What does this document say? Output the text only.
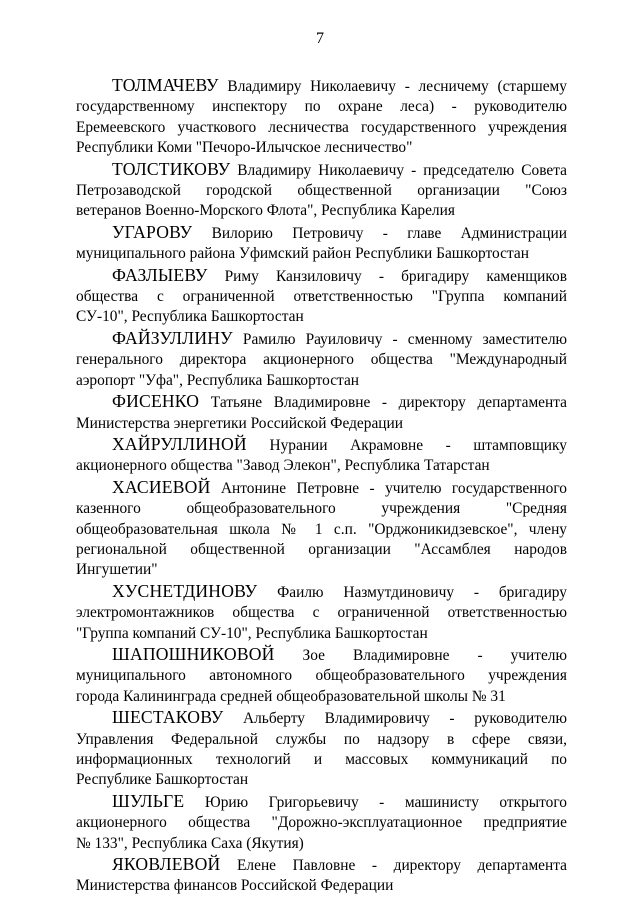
7
ТОЛМАЧЕВУ Владимиру Николаевичу - лесничему (старшему
государственному инспектору по охране леса) - руководителю
Еремеевского участкового лесничества государственного учреждения
Республики Коми "Печоро-Илычское лесничество"
ТОЛСТИКОВУ Владимиру Николаевичу - председателю Совета
Петрозаводской городской общественной организации "Союз
ветеранов Военно-Морского Флота", Республика Карелия
УГАРОВУ Вилорию Петровичу - главе Администрации
муниципального района Уфимский район Республики Башкортостан
ФАЗЛЫЕВУ Риму Канзиловичу - бригадиру каменщиков
общества с ограниченной ответственностью "Группа компаний
СУ-10", Республика Башкортостан
ФАЙЗУЛЛИНУ Рамилю Рауиловичу - сменному заместителю
генерального директора акционерного общества "Международный
аэропорт "Уфа", Республика Башкортостан
ФИСЕНКО Татьяне Владимировне - директору департамента
Министерства энергетики Российской Федерации
ХАЙРУЛЛИНОЙ Нурании Акрамовне - штамповщику
акционерного общества "Завод Элекон", Республика Татарстан
ХАСИЕВОЙ Антонине Петровне - учителю государственного
казенного общеобразовательного учреждения "Средняя
общеобразовательная школа № 1 с.п. "Орджоникидзевское", члену
региональной общественной организации "Ассамблея народов
Ингушетии"
ХУСНЕТДИНОВУ Фаилю Назмутдиновичу - бригадиру
электромонтажников общества с ограниченной ответственностью
"Группа компаний СУ-10", Республика Башкортостан
ШАПОШНИКОВОЙ Зое Владимировне - учителю
муниципального автономного общеобразовательного учреждения
города Калининграда средней общеобразовательной школы № 31
ШЕСТАКОВУ Альберту Владимировичу - руководителю
Управления Федеральной службы по надзору в сфере связи,
информационных технологий и массовых коммуникаций по
Республике Башкортостан
ШУЛЬГЕ Юрию Григорьевичу - машинисту открытого
акционерного общества "Дорожно-эксплуатационное предприятие
№ 133", Республика Саха (Якутия)
ЯКОВЛЕВОЙ Елене Павловне - директору департамента
Министерства финансов Российской Федерации
